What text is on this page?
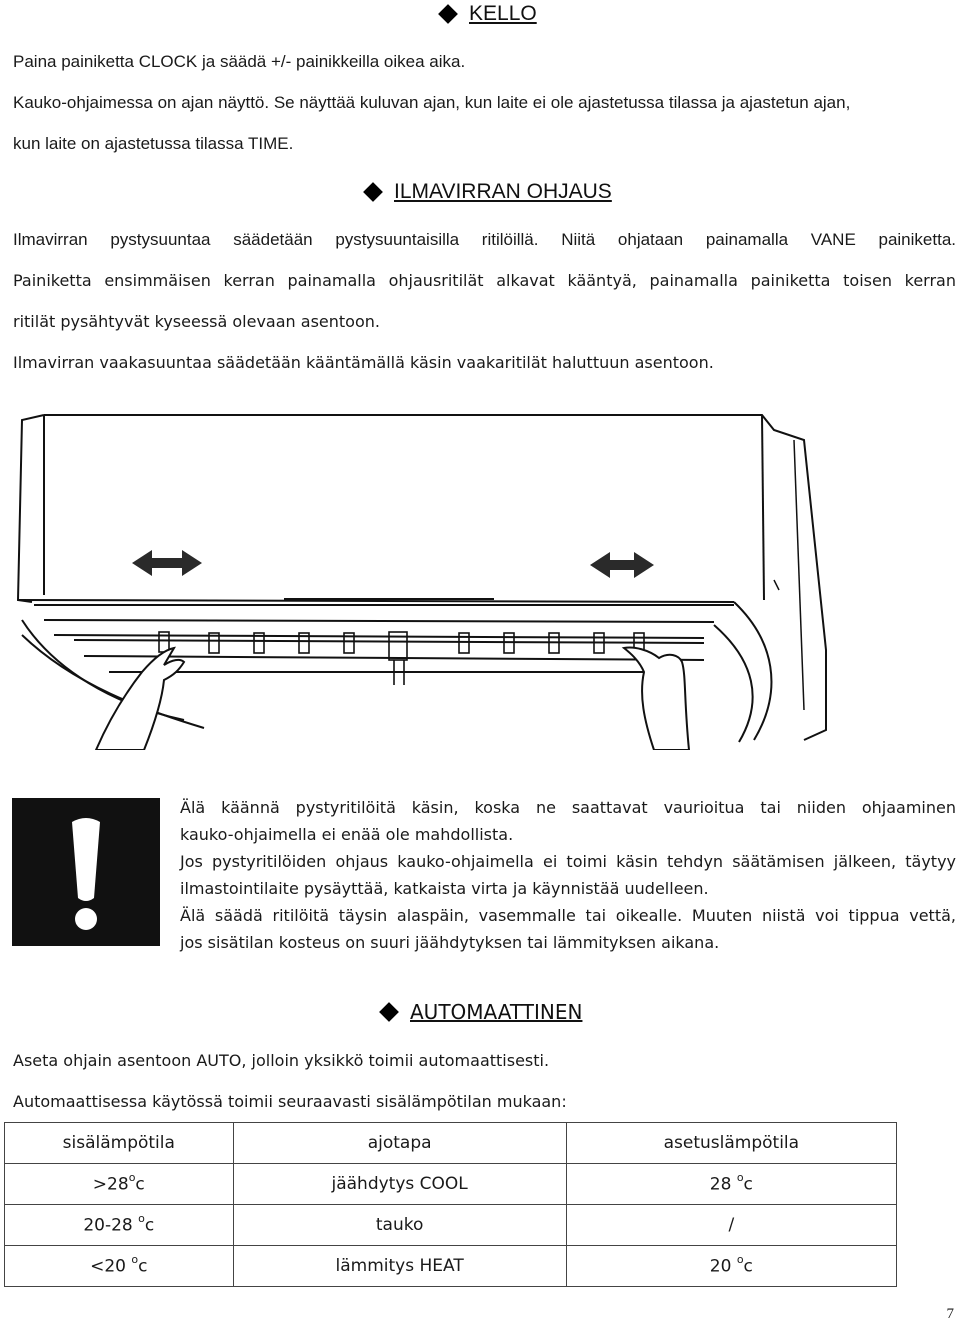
KELLO
Paina painiketta CLOCK ja säädä +/- painikkeilla oikea aika.
Kauko-ohjaimessa on ajan näyttö. Se näyttää kuluvan ajan, kun laite ei ole ajastetussa tilassa ja ajastetun ajan,
kun laite on ajastetussa tilassa TIME.
ILMAVIRRAN OHJAUS
Ilmavirran pystysuuntaa säädetään pystysuuntaisilla ritilöillä. Niitä ohjataan painamalla VANE painiketta.
Painiketta ensimmäisen kerran painamalla ohjausritilät alkavat kääntyä, painamalla painiketta toisen kerran
ritilät pysähtyvät kyseessä olevaan asentoon.
Ilmavirran vaakasuuntaa säädetään kääntämällä käsin vaakaritilät haluttuun asentoon.
Älä käännä pystyritilöitä käsin, koska ne saattavat vaurioitua tai niiden ohjaaminen
kauko-ohjaimella ei enää ole mahdollista.
Jos pystyritilöiden ohjaus kauko-ohjaimella ei toimi käsin tehdyn säätämisen jälkeen, täytyy
ilmastointilaite pysäyttää, katkaista virta ja käynnistää uudelleen.
Älä säädä ritilöitä täysin alaspäin, vasemmalle tai oikealle. Muuten niistä voi tippua vettä,
jos sisätilan kosteus on suuri jäähdytyksen tai lämmityksen aikana.
AUTOMAATTINEN
Aseta ohjain asentoon AUTO, jolloin yksikkö toimii automaattisesti.
Automaattisessa käytössä toimii seuraavasti sisälämpötilan mukaan:
sisälämpötila	ajotapa	asetuslämpötila
$>28^oc$	jäähdytys COOL	28 $^o$c
20-28 $^o$c	tauko	/
<20 $^o$c	lämmitys HEAT	20 $^o$c
7
